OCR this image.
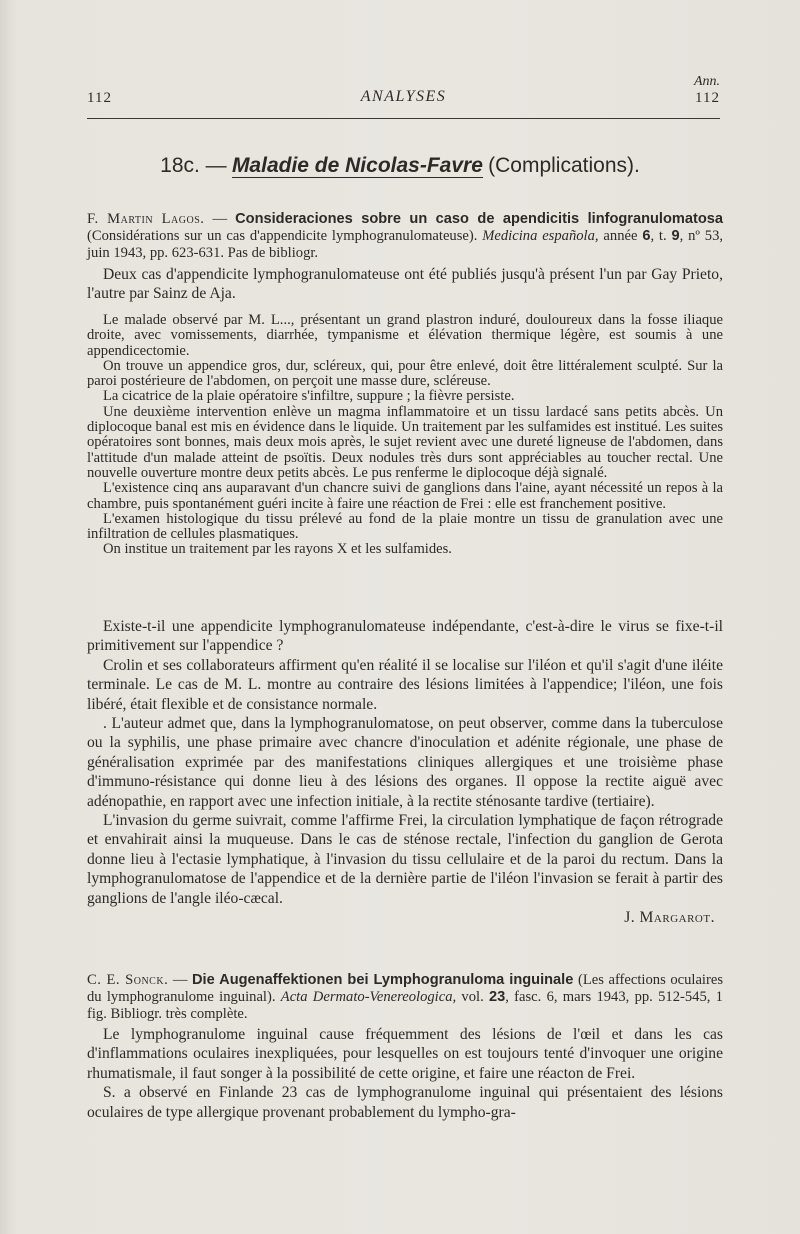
112	ANALYSES
Ann.
112
18c. — Maladie de Nicolas-Favre (Complications).

F. Martin Lagos. — Consideraciones sobre un caso de apendicitis linfogranulomatosa (Considérations sur un cas d'appendicite lymphogranulomateuse). Medicina española, année 6, t. 9, nº 53, juin 1943, pp. 623-631. Pas de bibliogr.

Deux cas d'appendicite lymphogranulomateuse ont été publiés jusqu'à présent l'un par Gay Prieto, l'autre par Sainz de Aja.

Le malade observé par M. L..., présentant un grand plastron induré, douloureux dans la fosse iliaque droite, avec vomissements, diarrhée, tympanisme et élévation thermique légère, est soumis à une appendicectomie.

On trouve un appendice gros, dur, scléreux, qui, pour être enlevé, doit être littéralement sculpté. Sur la paroi postérieure de l'abdomen, on perçoit une masse dure, scléreuse.

La cicatrice de la plaie opératoire s'infiltre, suppure ; la fièvre persiste.

Une deuxième intervention enlève un magma inflammatoire et un tissu lardacé sans petits abcès. Un diplocoque banal est mis en évidence dans le liquide. Un traitement par les sulfamides est institué. Les suites opératoires sont bonnes, mais deux mois après, le sujet revient avec une dureté ligneuse de l'abdomen, dans l'attitude d'un malade atteint de psoïtis. Deux nodules très durs sont appréciables au toucher rectal. Une nouvelle ouverture montre deux petits abcès. Le pus renferme le diplocoque déjà signalé.

L'existence cinq ans auparavant d'un chancre suivi de ganglions dans l'aine, ayant nécessité un repos à la chambre, puis spontanément guéri incite à faire une réaction de Frei : elle est franchement positive.

L'examen histologique du tissu prélevé au fond de la plaie montre un tissu de granulation avec une infiltration de cellules plasmatiques.

On institue un traitement par les rayons X et les sulfamides.

Existe-t-il une appendicite lymphogranulomateuse indépendante, c'est-à-dire le virus se fixe-t-il primitivement sur l'appendice ?

Crolin et ses collaborateurs affirment qu'en réalité il se localise sur l'iléon et qu'il s'agit d'une iléite terminale. Le cas de M. L. montre au contraire des lésions limitées à l'appendice; l'iléon, une fois libéré, était flexible et de consistance normale.

. L'auteur admet que, dans la lymphogranulomatose, on peut observer, comme dans la tuberculose ou la syphilis, une phase primaire avec chancre d'inoculation et adénite régionale, une phase de généralisation exprimée par des manifestations cliniques allergiques et une troisième phase d'immuno-résistance qui donne lieu à des lésions des organes. Il oppose la rectite aiguë avec adénopathie, en rapport avec une infection initiale, à la rectite sténosante tardive (tertiaire).

L'invasion du germe suivrait, comme l'affirme Frei, la circulation lymphatique de façon rétrograde et envahirait ainsi la muqueuse. Dans le cas de sténose rectale, l'infection du ganglion de Gerota donne lieu à l'ectasie lymphatique, à l'invasion du tissu cellulaire et de la paroi du rectum. Dans la lymphogranulomatose de l'appendice et de la dernière partie de l'iléon l'invasion se ferait à partir des ganglions de l'angle iléo-cæcal.

J. Margarot.

C. E. Sonck. — Die Augenaffektionen bei Lymphogranuloma inguinale (Les affections oculaires du lymphogranulome inguinal). Acta Dermato-Venereologica, vol. 23, fasc. 6, mars 1943, pp. 512-545, 1 fig. Bibliogr. très complète.

Le lymphogranulome inguinal cause fréquemment des lésions de l'œil et dans les cas d'inflammations oculaires inexpliquées, pour lesquelles on est toujours tenté d'invoquer une origine rhumatismale, il faut songer à la possibilité de cette origine, et faire une réacton de Frei.

S. a observé en Finlande 23 cas de lymphogranulome inguinal qui présentaient des lésions oculaires de type allergique provenant probablement du lympho-gra-
